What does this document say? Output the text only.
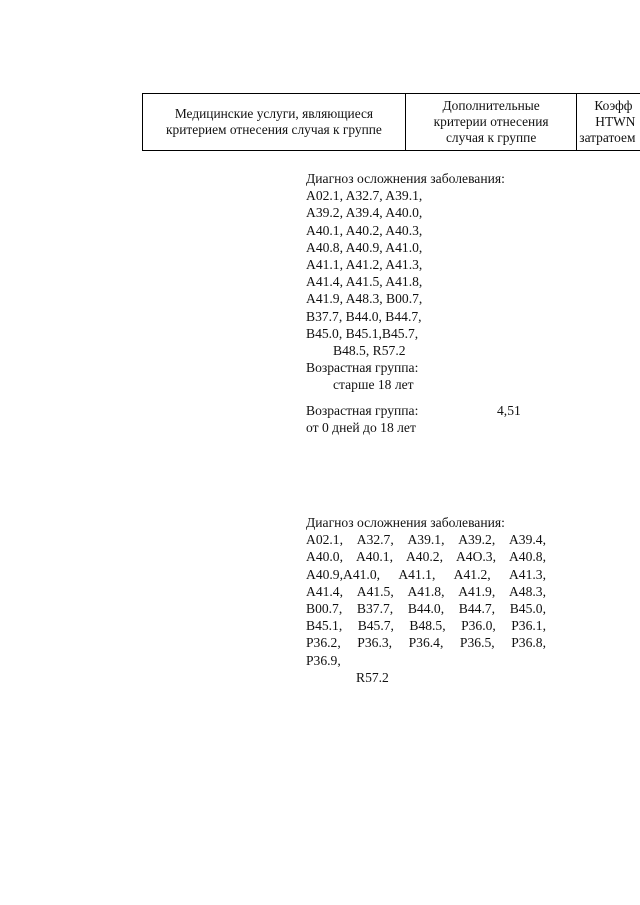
Медицинские услуги, являющиеся
критерием отнесения случая к группе
Дополнительные
критерии отнесения
случая к группе
Коэфф
HTWN
затратоем
Диагноз осложнения заболевания:
A02.1, A32.7, A39.1,
A39.2, A39.4, A40.0,
A40.1, A40.2, A40.3,
A40.8, A40.9, A41.0,
A41.1, A41.2, A41.3,
A41.4, A41.5, A41.8,
A41.9, A48.3, B00.7,
B37.7, B44.0, B44.7,
B45.0, B45.1,B45.7,
B48.5, R57.2
Возрастная группа:
старше 18 лет
Возрастная группа:
от 0 дней до 18 лет
4,51
Диагноз осложнения заболевания:
A02.1, A32.7, A39.1, A39.2, A39.4,
A40.0, A40.1, A40.2, A4O.3, A40.8,
A40.9,A41.0, A41.1, A41.2, A41.3,
A41.4, A41.5, A41.8, A41.9, A48.3,
B00.7, B37.7, B44.0, B44.7, B45.0,
B45.1, B45.7, B48.5, P36.0, P36.1,
P36.2, P36.3, P36.4, P36.5, P36.8,
P36.9,
R57.2
